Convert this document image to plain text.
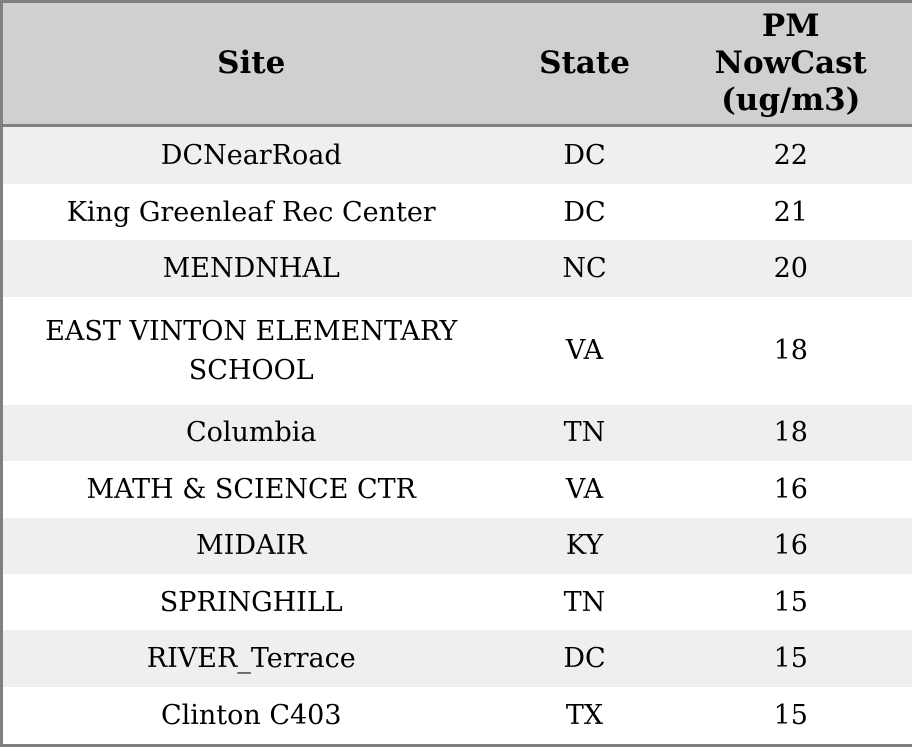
Site	State	PM NowCast (ug/m3)

DCNearRoad	DC	22
King Greenleaf Rec Center	DC	21
MENDNHAL	NC	20
EAST VINTON ELEMENTARY SCHOOL	VA	18
Columbia	TN	18
MATH & SCIENCE CTR	VA	16
MIDAIR	KY	16
SPRINGHILL	TN	15
RIVER_Terrace	DC	15
Clinton C403	TX	15
